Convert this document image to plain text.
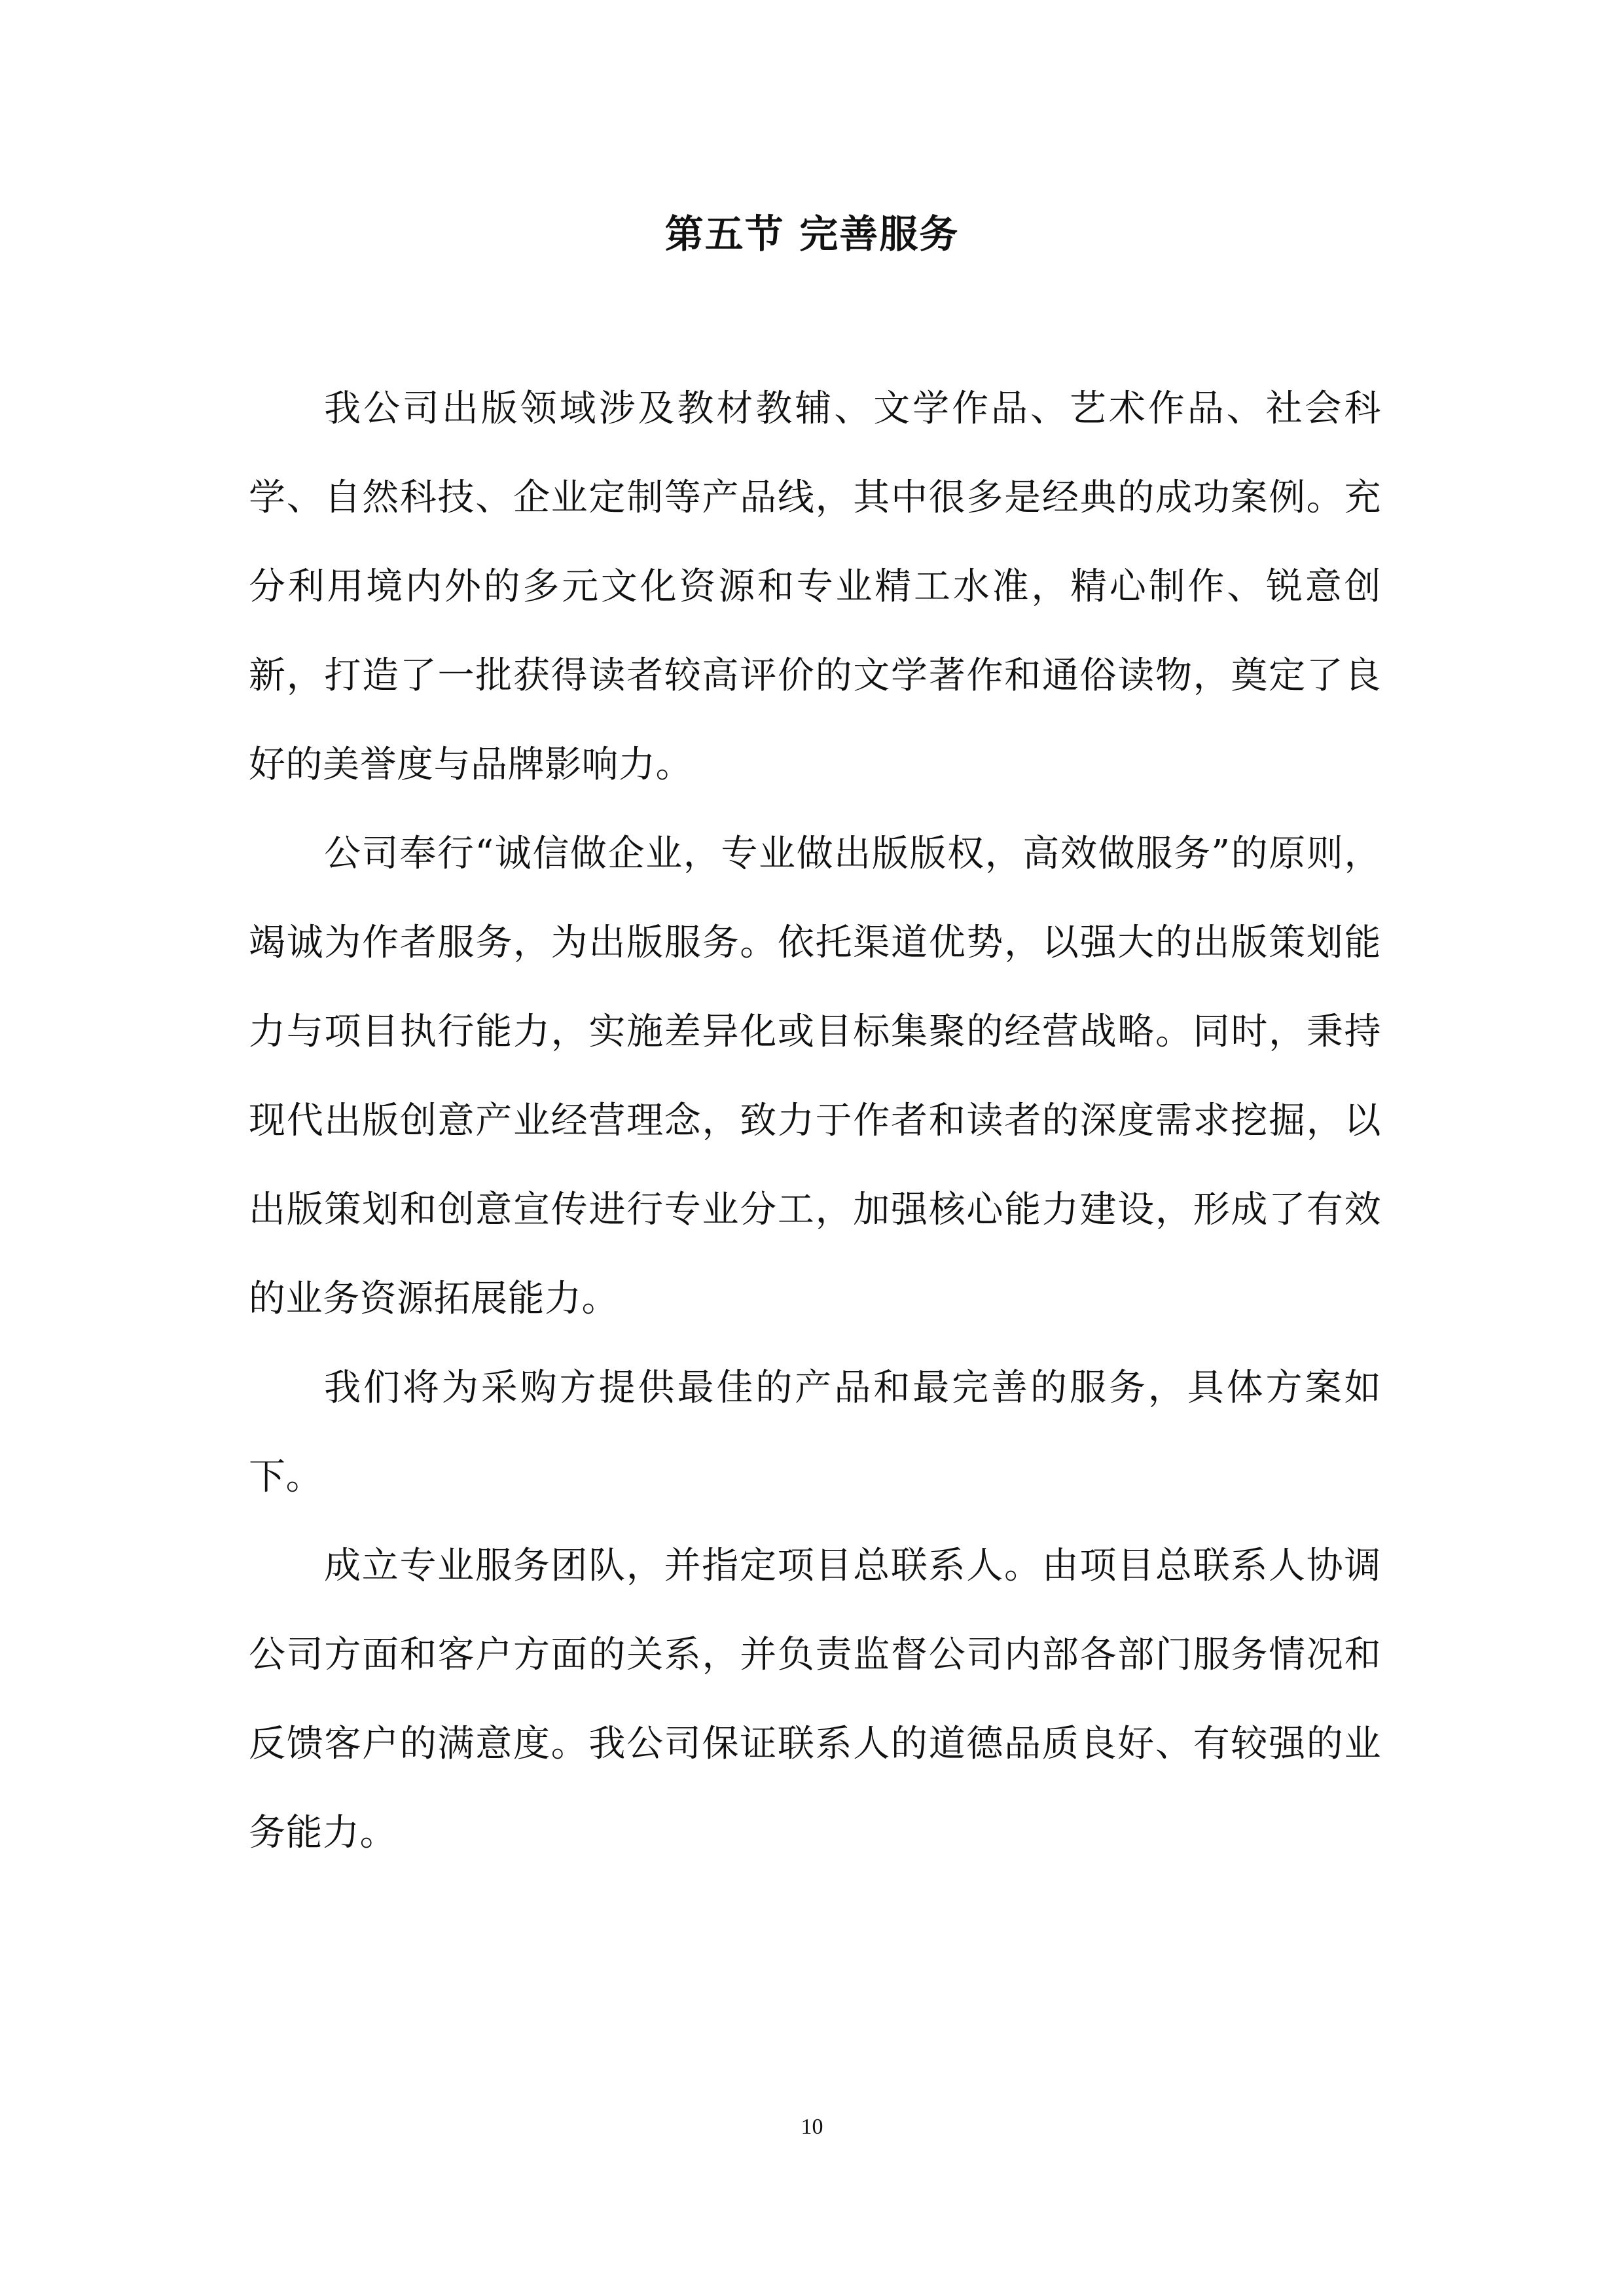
第五节 完善服务

我公司出版领域涉及教材教辅、文学作品、艺术作品、社会科学、自然科技、企业定制等产品线，其中很多是经典的成功案例。充分利用境内外的多元文化资源和专业精工水准，精心制作、锐意创新，打造了一批获得读者较高评价的文学著作和通俗读物，奠定了良好的美誉度与品牌影响力。

公司奉行“诚信做企业，专业做出版版权，高效做服务”的原则，竭诚为作者服务，为出版服务。依托渠道优势，以强大的出版策划能力与项目执行能力，实施差异化或目标集聚的经营战略。同时，秉持现代出版创意产业经营理念，致力于作者和读者的深度需求挖掘，以出版策划和创意宣传进行专业分工，加强核心能力建设，形成了有效的业务资源拓展能力。

我们将为采购方提供最佳的产品和最完善的服务，具体方案如下。

成立专业服务团队，并指定项目总联系人。由项目总联系人协调公司方面和客户方面的关系，并负责监督公司内部各部门服务情况和反馈客户的满意度。我公司保证联系人的道德品质良好、有较强的业务能力。

10
